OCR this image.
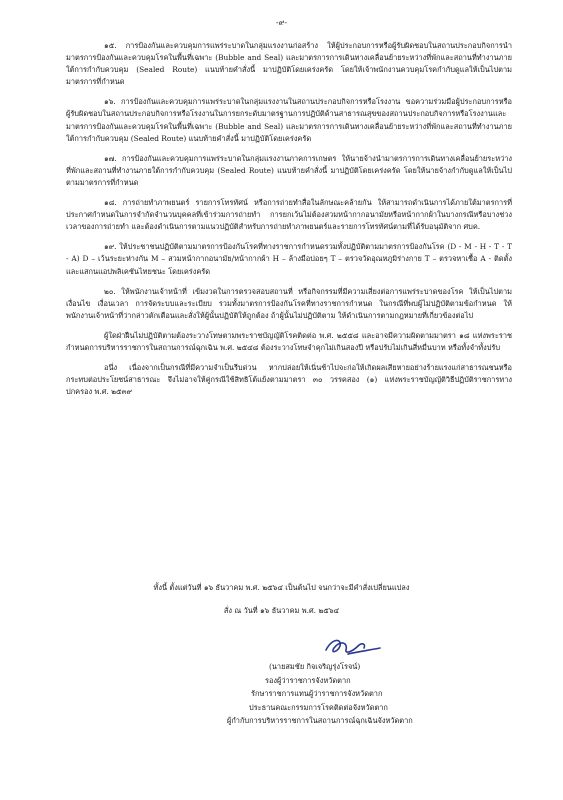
-๙-

๑๕. การป้องกันและควบคุมการแพร่ระบาดในกลุ่มแรงงานก่อสร้าง ให้ผู้ประกอบการหรือผู้รับผิดชอบในสถานประกอบกิจการนำมาตรการป้องกันและควบคุมโรคในพื้นที่เฉพาะ (Bubble and Seal) และมาตรการการเดินทางเคลื่อนย้ายระหว่างที่พักและสถานที่ทำงานภายใต้การกำกับควบคุม (Sealed Route) แนบท้ายคำสั่งนี้ มาปฏิบัติโดยเคร่งครัด โดยให้เจ้าพนักงานควบคุมโรคกำกับดูแลให้เป็นไปตามมาตรการที่กำหนด

๑๖. การป้องกันและควบคุมการแพร่ระบาดในกลุ่มแรงงานในสถานประกอบกิจการหรือโรงงาน ขอความร่วมมือผู้ประกอบการหรือผู้รับผิดชอบในสถานประกอบกิจการหรือโรงงานในการยกระดับมาตรฐานการปฏิบัติด้านสาธารณสุขของสถานประกอบกิจการหรือโรงงานและมาตรการป้องกันและควบคุมโรคในพื้นที่เฉพาะ (Bubble and Seal) และมาตรการการเดินทางเคลื่อนย้ายระหว่างที่พักและสถานที่ทำงานภายใต้การกำกับควบคุม (Sealed Route) แนบท้ายคำสั่งนี้ มาปฏิบัติโดยเคร่งครัด

๑๗. การป้องกันและควบคุมการแพร่ระบาดในกลุ่มแรงงานภาคการเกษตร ให้นายจ้างนำมาตรการการเดินทางเคลื่อนย้ายระหว่างที่พักและสถานที่ทำงานภายใต้การกำกับควบคุม (Sealed Route) แนบท้ายคำสั่งนี้ มาปฏิบัติโดยเคร่งครัด โดยให้นายจ้างกำกับดูแลให้เป็นไปตามมาตรการที่กำหนด

๑๘. การถ่ายทำภาพยนตร์ รายการโทรทัศน์ หรือการถ่ายทำสื่อในลักษณะคล้ายกัน ให้สามารถดำเนินการได้ภายใต้มาตรการที่ประกาศกำหนดในการจำกัดจำนวนบุคคลที่เข้าร่วมการถ่ายทำ การยกเว้นไม่ต้องสวมหน้ากากอนามัยหรือหน้ากากผ้าในบางกรณีหรือบางช่วงเวลาของการถ่ายทำ และต้องดำเนินการตามแนวปฏิบัติสำหรับการถ่ายทำภาพยนตร์และรายการโทรทัศน์ตามที่ได้รับอนุมัติจาก ศบค.

๑๙. ให้ประชาชนปฏิบัติตามมาตรการป้องกันโรคที่ทางราชการกำหนดรวมทั้งปฏิบัติตามมาตรการป้องกันโรค (D - M - H - T - T - A) D – เว้นระยะห่างกัน M – สวมหน้ากากอนามัย/หน้ากากผ้า H – ล้างมือบ่อยๆ T – ตรวจวัดอุณหภูมิร่างกาย T – ตรวจหาเชื้อ A - ติดตั้งและแสกนแอปพลิเคชันไทยชนะ โดยเคร่งครัด

๒๐. ให้พนักงานเจ้าหน้าที่ เข้มงวดในการตรวจสอบสถานที่ หรือกิจกรรมที่มีความเสี่ยงต่อการแพร่ระบาดของโรค ให้เป็นไปตามเงื่อนไข เงื่อนเวลา การจัดระบบและระเบียบ รวมทั้งมาตรการป้องกันโรคที่ทางราชการกำหนด ในกรณีที่พบผู้ไม่ปฏิบัติตามข้อกำหนด ให้พนักงานเจ้าหน้าที่ว่ากล่าวตักเตือนและสั่งให้ผู้นั้นปฏิบัติให้ถูกต้อง ถ้าผู้นั้นไม่ปฏิบัติตาม ให้ดำเนินการตามกฎหมายที่เกี่ยวข้องต่อไป

ผู้ใดฝ่าฝืนไม่ปฏิบัติตามต้องระวางโทษตามพระราชบัญญัติโรคติดต่อ พ.ศ. ๒๕๕๘ และอาจมีความผิดตามมาตรา ๑๘ แห่งพระราชกำหนดการบริหารราชการในสถานการณ์ฉุกเฉิน พ.ศ. ๒๕๔๘ ต้องระวางโทษจำคุกไม่เกินสองปี หรือปรับไม่เกินสี่หมื่นบาท หรือทั้งจำทั้งปรับ

อนึ่ง เนื่องจากเป็นกรณีที่มีความจำเป็นรีบด่วน หากปล่อยให้เนิ่นช้าไปจะก่อให้เกิดผลเสียหายอย่างร้ายแรงแก่สาธารณชนหรือกระทบต่อประโยชน์สาธารณะ จึงไม่อาจให้คู่กรณีใช้สิทธิโต้แย้งตามมาตรา ๓๐ วรรคสอง (๑) แห่งพระราชบัญญัติวิธีปฏิบัติราชการทางปกครอง พ.ศ. ๒๕๓๙

ทั้งนี้ ตั้งแต่วันที่ ๑๖ ธันวาคม พ.ศ. ๒๕๖๔ เป็นต้นไป จนกว่าจะมีคำสั่งเปลี่ยนแปลง
สั่ง ณ วันที่ ๑๖ ธันวาคม พ.ศ. ๒๕๖๔
(นายสมชัย กิจเจริญรุ่งโรจน์)
รองผู้ว่าราชการจังหวัดตาก
รักษาราชการแทนผู้ว่าราชการจังหวัดตาก
ประธานคณะกรรมการโรคติดต่อจังหวัดตาก
ผู้กำกับการบริหารราชการในสถานการณ์ฉุกเฉินจังหวัดตาก
